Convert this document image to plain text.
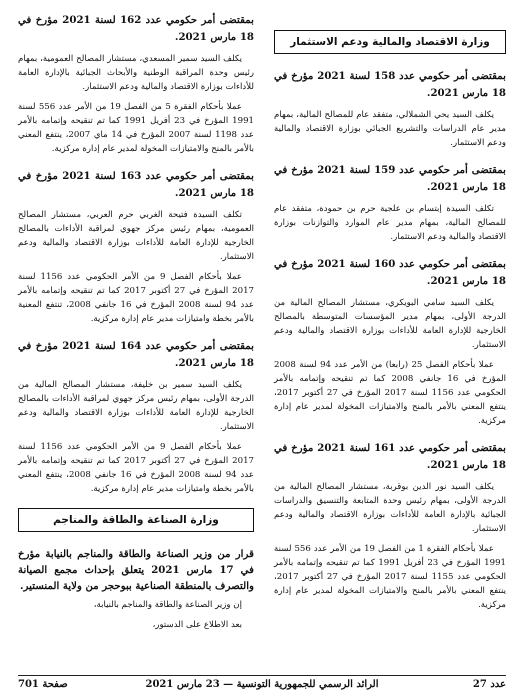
وزارة الاقتصاد والمالية ودعم الاستثمار

بمقتضى أمر حكومي عدد 158 لسنة 2021 مؤرخ في 18 مارس 2021.

يكلف السيد يحي الشملالي، متفقد عام للمصالح المالية، بمهام مدير عام الدراسات والتشريع الجبائي بوزارة الاقتصاد والمالية ودعم الاستثمار.

بمقتضى أمر حكومي عدد 159 لسنة 2021 مؤرخ في 18 مارس 2021.

تكلف السيدة إبتسام بن علجية حرم بن حمودة، متفقد عام للمصالح المالية، بمهام مدير عام الموارد والتوازنات بوزارة الاقتصاد والمالية ودعم الاستثمار.

بمقتضى أمر حكومي عدد 160 لسنة 2021 مؤرخ في 18 مارس 2021.

يكلف السيد سامي البويكري، مستشار المصالح المالية من الدرجة الأولى، بمهام مدير المؤسسات المتوسطة بالمصالح الخارجية للإدارة العامة للأداءات بوزارة الاقتصاد والمالية ودعم الاستثمار.

عملا بأحكام الفصل 25 (رابعا) من الأمر عدد 94 لسنة 2008 المؤرخ في 16 جانفي 2008 كما تم تنقيحه وإتمامه بالأمر الحكومي عدد 1156 لسنة 2017 المؤرخ في 27 أكتوبر 2017، ينتفع المعني بالأمر بالمنح والامتيازات المخولة لمدير عام إدارة مركزية.

بمقتضى أمر حكومي عدد 161 لسنة 2021 مؤرخ في 18 مارس 2021.

يكلف السيد نور الدين بوقربة، مستشار المصالح المالية من الدرجة الأولى، بمهام رئيس وحدة المتابعة والتنسيق والدراسات الجبائية بالإدارة العامة للأداءات بوزارة الاقتصاد والمالية ودعم الاستثمار.

عملا بأحكام الفقرة 1 من الفصل 19 من الأمر عدد 556 لسنة 1991 المؤرخ في 23 أفريل 1991 كما تم تنقيحه وإتمامه بالأمر الحكومي عدد 1155 لسنة 2017 المؤرخ في 27 أكتوبر 2017، ينتفع المعني بالأمر بالمنح والامتيازات المخولة لمدير عام إدارة مركزية.

بمقتضى أمر حكومي عدد 162 لسنة 2021 مؤرخ في 18 مارس 2021.

يكلف السيد سمير المسعدي، مستشار المصالح العمومية، بمهام رئيس وحدة المراقبة الوطنية والأبحاث الجبائية بالإدارة العامة للأداءات بوزارة الاقتصاد والمالية ودعم الاستثمار.

عملا بأحكام الفقرة 5 من الفصل 19 من الأمر عدد 556 لسنة 1991 المؤرخ في 23 أفريل 1991 كما تم تنقيحه وإتمامه بالأمر عدد 1198 لسنة 2007 المؤرخ في 14 ماي 2007، ينتفع المعني بالأمر بالمنح والامتيازات المخولة لمدير عام إدارة مركزية.

بمقتضى أمر حكومي عدد 163 لسنة 2021 مؤرخ في 18 مارس 2021.

تكلف السيدة فتيحة الغربي حرم العربي، مستشار المصالح العمومية، بمهام رئيس مركز جهوي لمراقبة الأداءات بالمصالح الخارجية للإدارة العامة للأداءات بوزارة الاقتصاد والمالية ودعم الاستثمار.

عملا بأحكام الفصل 9 من الأمر الحكومي عدد 1156 لسنة 2017 المؤرخ في 27 أكتوبر 2017 كما تم تنقيحه وإتمامه بالأمر عدد 94 لسنة 2008 المؤرخ في 16 جانفي 2008، تنتفع المعنية بالأمر بخطة وامتيازات مدير عام إدارة مركزية.

بمقتضى أمر حكومي عدد 164 لسنة 2021 مؤرخ في 18 مارس 2021.

يكلف السيد سمير بن خليفة، مستشار المصالح المالية من الدرجة الأولى، بمهام رئيس مركز جهوي لمراقبة الأداءات بالمصالح الخارجية للإدارة العامة للأداءات بوزارة الاقتصاد والمالية ودعم الاستثمار.

عملا بأحكام الفصل 9 من الأمر الحكومي عدد 1156 لسنة 2017 المؤرخ في 27 أكتوبر 2017 كما تم تنقيحه وإتمامه بالأمر عدد 94 لسنة 2008 المؤرخ في 16 جانفي 2008، ينتفع المعني بالأمر بخطة وامتيازات مدير عام إدارة مركزية.

وزارة الصناعة والطاقة والمناجم

قرار من وزير الصناعة والطاقة والمناجم بالنيابة مؤرخ في 17 مارس 2021 يتعلق بإحداث مجمع الصيانة والتصرف بالمنطقة الصناعية ببوحجر من ولاية المنستير.

إن وزير الصناعة والطاقة والمناجم بالنيابة،

بعد الاطلاع على الدستور،

عدد 27
الرائد الرسمي للجمهورية التونسية — 23 مارس 2021
صفحة 701
